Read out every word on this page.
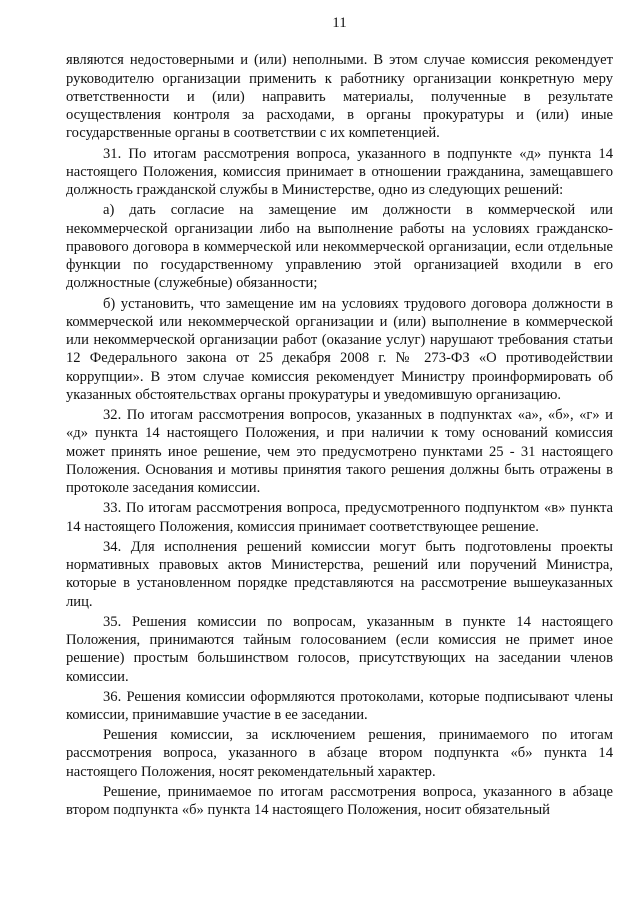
11

являются недостоверными и (или) неполными. В этом случае комиссия рекомендует руководителю организации применить к работнику организации конкретную меру ответственности и (или) направить материалы, полученные в результате осуществления контроля за расходами, в органы прокуратуры и (или) иные государственные органы в соответствии с их компетенцией.

31. По итогам рассмотрения вопроса, указанного в подпункте «д» пункта 14 настоящего Положения, комиссия принимает в отношении гражданина, замещавшего должность гражданской службы в Министерстве, одно из следующих решений:

а) дать согласие на замещение им должности в коммерческой или некоммерческой организации либо на выполнение работы на условиях гражданско-правового договора в коммерческой или некоммерческой организации, если отдельные функции по государственному управлению этой организацией входили в его должностные (служебные) обязанности;

б) установить, что замещение им на условиях трудового договора должности в коммерческой или некоммерческой организации и (или) выполнение в коммерческой или некоммерческой организации работ (оказание услуг) нарушают требования статьи 12 Федерального закона от 25 декабря 2008 г. № 273-ФЗ «О противодействии коррупции». В этом случае комиссия рекомендует Министру проинформировать об указанных обстоятельствах органы прокуратуры и уведомившую организацию.

32. По итогам рассмотрения вопросов, указанных в подпунктах «а», «б», «г» и «д» пункта 14 настоящего Положения, и при наличии к тому оснований комиссия может принять иное решение, чем это предусмотрено пунктами 25 - 31 настоящего Положения. Основания и мотивы принятия такого решения должны быть отражены в протоколе заседания комиссии.

33. По итогам рассмотрения вопроса, предусмотренного подпунктом «в» пункта 14 настоящего Положения, комиссия принимает соответствующее решение.

34. Для исполнения решений комиссии могут быть подготовлены проекты нормативных правовых актов Министерства, решений или поручений Министра, которые в установленном порядке представляются на рассмотрение вышеуказанных лиц.

35. Решения комиссии по вопросам, указанным в пункте 14 настоящего Положения, принимаются тайным голосованием (если комиссия не примет иное решение) простым большинством голосов, присутствующих на заседании членов комиссии.

36. Решения комиссии оформляются протоколами, которые подписывают члены комиссии, принимавшие участие в ее заседании.

Решения комиссии, за исключением решения, принимаемого по итогам рассмотрения вопроса, указанного в абзаце втором подпункта «б» пункта 14 настоящего Положения, носят рекомендательный характер.

Решение, принимаемое по итогам рассмотрения вопроса, указанного в абзаце втором подпункта «б» пункта 14 настоящего Положения, носит обязательный
